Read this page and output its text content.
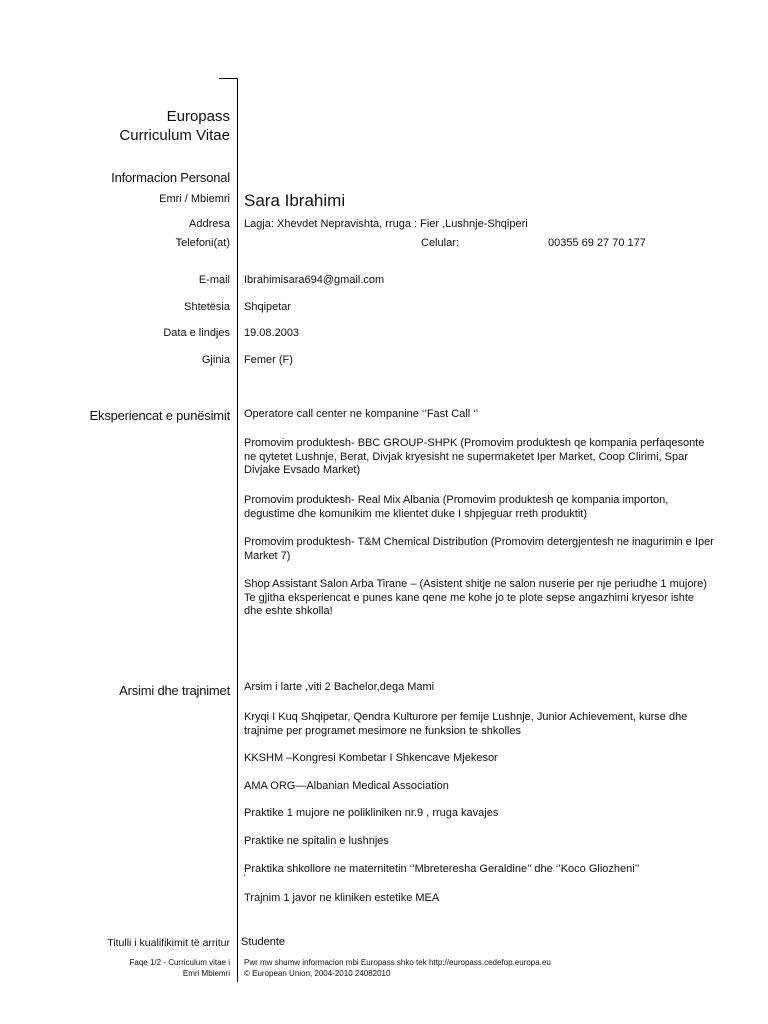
Europass
Curriculum Vitae
Informacion Personal
Emri / Mbiemri Sara Ibrahimi
Addresa Lagja: Xhevdet Nepravishta, rruga : Fier ,Lushnje-Shqiperi
Telefoni(at)	Celular:	00355 69 27 70 177
E-mail Ibrahimisara694@gmail.com
Shtetësia Shqipetar
Data e lindjes 19.08.2003
Gjinia Femer (F)
Eksperiencat e punësimit Operatore call center ne kompanine ‘’Fast Call ‘’
Promovim produktesh- BBC GROUP-SHPK (Promovim produktesh qe kompania perfaqesonte ne qytetet Lushnje, Berat, Divjak kryesisht ne supermaketet Iper Market, Coop Clirimi, Spar Divjake Evsado Market)
Promovim produktesh- Real Mix Albania (Promovim produktesh qe kompania importon, degustime dhe komunikim me klientet duke I shpjeguar rreth produktit)
Promovim produktesh- T&M Chemical Distribution (Promovim detergjentesh ne inagurimin e Iper Market 7)
Shop Assistant Salon Arba Tirane – (Asistent shitje ne salon nuserie per nje periudhe 1 mujore) Te gjitha eksperiencat e punes kane qene me kohe jo te plote sepse angazhimi kryesor ishte dhe eshte shkolla!
Arsimi dhe trajnimet Arsim i larte ,viti 2 Bachelor,dega Mami
Kryqi I Kuq Shqipetar, Qendra Kulturore per femije Lushnje, Junior Achievement, kurse dhe trajnime per programet mesimore ne funksion te shkolles
KKSHM –Kongresi Kombetar I Shkencave Mjekesor
AMA ORG—Albanian Medical Association
Praktike 1 mujore ne polikliniken nr.9 , rruga kavajes
Praktike ne spitalin e lushnjes
Praktika shkollore ne maternitetin ‘’Mbreteresha Geraldine’’ dhe ‘’Koco Gliozheni’’
'
Trajnim 1 javor ne kliniken estetike MEA
Titulli i kualifikimit të arritur Studente
Faqe 1/2 - Curriculum vitae i
Emri Mbiemri
Pwr mw shumw informacion mbi Europass shko tek http://europass.cedefop.europa.eu
© European Union, 2004-2010 24082010
